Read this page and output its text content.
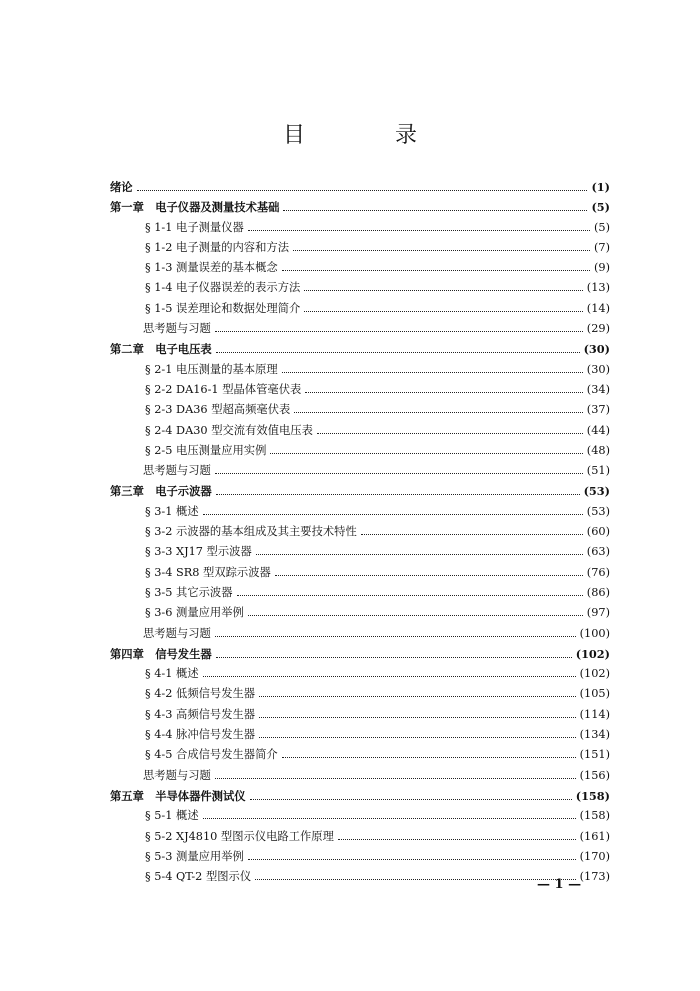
目　录
绪论	(1)
第一章　电子仪器及测量技术基础	(5)
§ 1-1 电子测量仪器	(5)
§ 1-2 电子测量的内容和方法	(7)
§ 1-3 测量误差的基本概念	(9)
§ 1-4 电子仪器误差的表示方法	(13)
§ 1-5 误差理论和数据处理简介	(14)
思考题与习题	(29)
第二章　电子电压表	(30)
§ 2-1 电压测量的基本原理	(30)
§ 2-2 DA16-1 型晶体管毫伏表	(34)
§ 2-3 DA36 型超高频毫伏表	(37)
§ 2-4 DA30 型交流有效值电压表	(44)
§ 2-5 电压测量应用实例	(48)
思考题与习题	(51)
第三章　电子示波器	(53)
§ 3-1 概述	(53)
§ 3-2 示波器的基本组成及其主要技术特性	(60)
§ 3-3 XJ17 型示波器	(63)
§ 3-4 SR8 型双踪示波器	(76)
§ 3-5 其它示波器	(86)
§ 3-6 测量应用举例	(97)
思考题与习题	(100)
第四章　信号发生器	(102)
§ 4-1 概述	(102)
§ 4-2 低频信号发生器	(105)
§ 4-3 高频信号发生器	(114)
§ 4-4 脉冲信号发生器	(134)
§ 4-5 合成信号发生器简介	(151)
思考题与习题	(156)
第五章　半导体器件测试仪	(158)
§ 5-1 概述	(158)
§ 5-2 XJ4810 型图示仪电路工作原理	(161)
§ 5-3 测量应用举例	(170)
§ 5-4 QT-2 型图示仪	(173)
— 1 —
